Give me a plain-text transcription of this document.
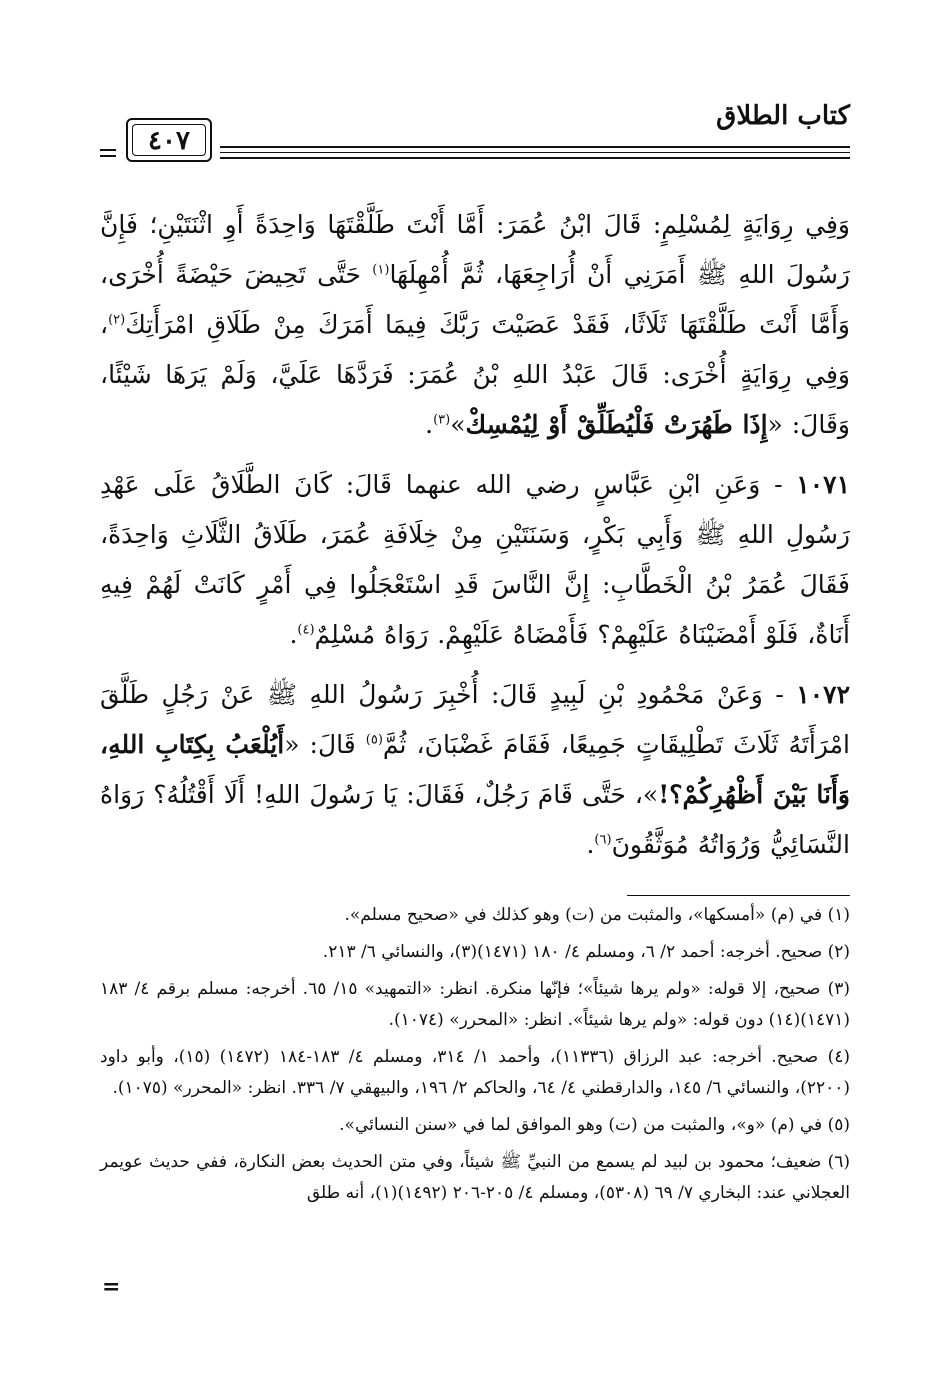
كتاب الطلاق
٤٠٧

وَفِي رِوَايَةٍ لِمُسْلِمٍ: قَالَ ابْنُ عُمَرَ: أَمَّا أَنْتَ طَلَّقْتَهَا وَاحِدَةً أَوِ اثْنَتَيْنِ؛ فَإِنَّ رَسُولَ اللهِ ﷺ أَمَرَنِي أَنْ أُرَاجِعَهَا، ثُمَّ أُمْهِلَهَا$^{(١)}$ حَتَّى تَحِيضَ حَيْضَةً أُخْرَى، وَأَمَّا أَنْتَ طَلَّقْتَهَا ثَلَاثًا، فَقَدْ عَصَيْتَ رَبَّكَ فِيمَا أَمَرَكَ مِنْ طَلَاقِ امْرَأَتِكَ$^{(٢)}$، وَفِي رِوَايَةٍ أُخْرَى: قَالَ عَبْدُ اللهِ بْنُ عُمَرَ: فَرَدَّهَا عَلَيَّ، وَلَمْ يَرَهَا شَيْئًا، وَقَالَ: «إِذَا طَهُرَتْ فَلْيُطَلِّقْ أَوْ لِيُمْسِكْ»$^{(٣)}$.

١٠٧١ - وَعَنِ ابْنِ عَبَّاسٍ رضي الله عنهما قَالَ: كَانَ الطَّلَاقُ عَلَى عَهْدِ رَسُولِ اللهِ ﷺ وَأَبِي بَكْرٍ، وَسَنَتَيْنِ مِنْ خِلَافَةِ عُمَرَ، طَلَاقُ الثَّلَاثِ وَاحِدَةً، فَقَالَ عُمَرُ بْنُ الْخَطَّابِ: إِنَّ النَّاسَ قَدِ اسْتَعْجَلُوا فِي أَمْرٍ كَانَتْ لَهُمْ فِيهِ أَنَاةٌ، فَلَوْ أَمْضَيْنَاهُ عَلَيْهِمْ؟ فَأَمْضَاهُ عَلَيْهِمْ. رَوَاهُ مُسْلِمٌ$^{(٤)}$.

١٠٧٢ - وَعَنْ مَحْمُودِ بْنِ لَبِيدٍ قَالَ: أُخْبِرَ رَسُولُ اللهِ ﷺ عَنْ رَجُلٍ طَلَّقَ امْرَأَتَهُ ثَلَاثَ تَطْلِيقَاتٍ جَمِيعًا، فَقَامَ غَضْبَانَ، ثُمَّ$^{(٥)}$ قَالَ: «أَيُلْعَبُ بِكِتَابِ اللهِ، وَأَنَا بَيْنَ أَظْهُرِكُمْ؟!»، حَتَّى قَامَ رَجُلٌ، فَقَالَ: يَا رَسُولَ اللهِ! أَلَا أَقْتُلُهُ؟ رَوَاهُ النَّسَائِيُّ وَرُوَاتُهُ مُوَثَّقُونَ$^{(٦)}$.

(١) في (م) «أمسكها»، والمثبت من (ت) وهو كذلك في «صحيح مسلم».

(٢) صحيح. أخرجه: أحمد ٢/ ٦، ومسلم ٤/ ١٨٠ (١٤٧١)(٣)، والنسائي ٦/ ٢١٣.

(٣) صحيح، إلا قوله: «ولم يرها شيئاً»؛ فإنّها منكرة. انظر: «التمهيد» ١٥/ ٦٥. أخرجه: مسلم برقم ٤/ ١٨٣ (١٤٧١)(١٤) دون قوله: «ولم يرها شيئاً». انظر: «المحرر» (١٠٧٤).

(٤) صحيح. أخرجه: عبد الرزاق (١١٣٣٦)، وأحمد ١/ ٣١٤، ومسلم ٤/ ١٨٣-١٨٤ (١٤٧٢) (١٥)، وأبو داود (٢٢٠٠)، والنسائي ٦/ ١٤٥، والدارقطني ٤/ ٦٤، والحاكم ٢/ ١٩٦، والبيهقي ٧/ ٣٣٦. انظر: «المحرر» (١٠٧٥).

(٥) في (م) «و»، والمثبت من (ت) وهو الموافق لما في «سنن النسائي».

(٦) ضعيف؛ محمود بن لبيد لم يسمع من النبيِّ ﷺ شيئاً، وفي متن الحديث بعض النكارة، ففي حديث عويمر العجلاني عند: البخاري ٧/ ٦٩ (٥٣٠٨)، ومسلم ٤/ ٢٠٥-٢٠٦ (١٤٩٢)(١)، أنه طلق

=
